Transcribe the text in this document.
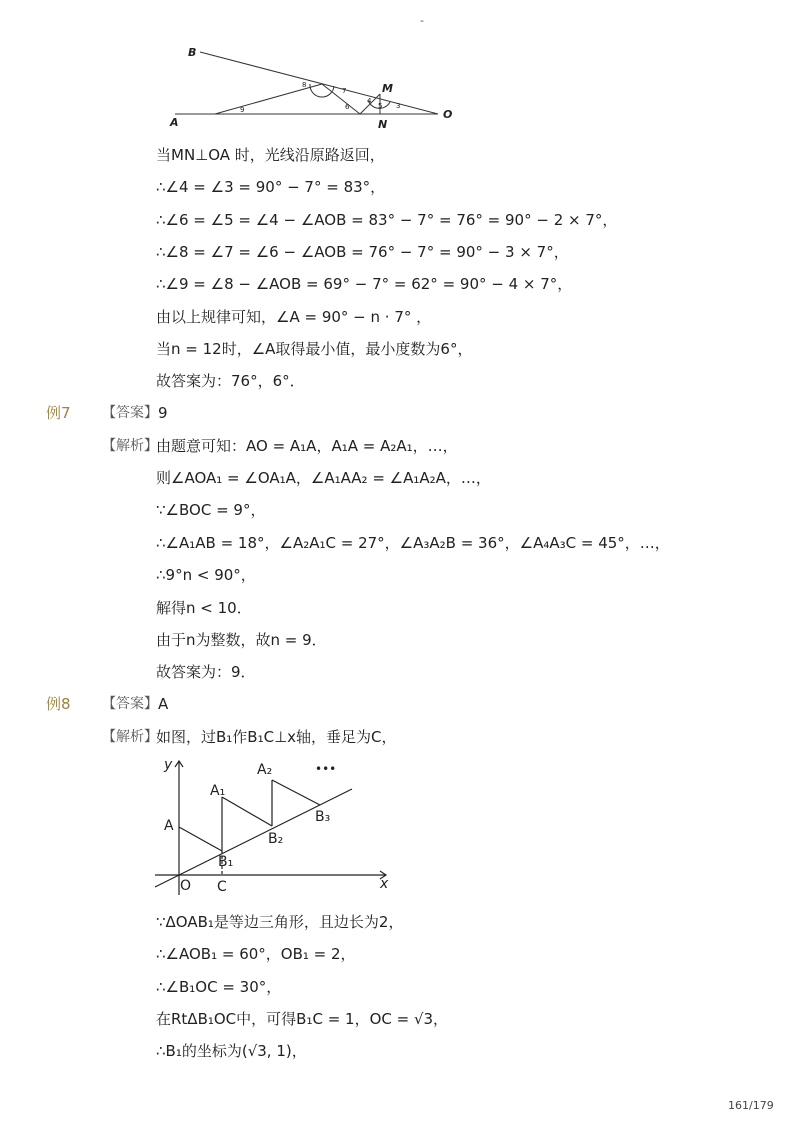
-
B
A
O
M
N
8
7
4
5
6	3
9
当MN⊥OA 时，光线沿原路返回，
∴∠4 = ∠3 = 90° − 7° = 83°，
∴∠6 = ∠5 = ∠4 − ∠AOB = 83° − 7° = 76° = 90° − 2 × 7°，
∴∠8 = ∠7 = ∠6 − ∠AOB = 76° − 7° = 90° − 3 × 7°，
∴∠9 = ∠8 − ∠AOB = 69° − 7° = 62° = 90° − 4 × 7°，
由以上规律可知，∠A = 90° − n · 7° ，
当n = 12时，∠A取得最小值，最小度数为6°，
故答案为：76°，6°．
例7 【答案】 9
【解析】
由题意可知：AO = A₁A，A₁A = A₂A₁，…，
则∠AOA₁ = ∠OA₁A，∠A₁AA₂ = ∠A₁A₂A，…，
∵∠BOC = 9°，
∴∠A₁AB = 18°，∠A₂A₁C = 27°，∠A₃A₂B = 36°，∠A₄A₃C = 45°，…，
∴9°n < 90°，
解得n < 10．
由于n为整数，故n = 9．
故答案为：9．
例8 【答案】 A
【解析】
如图，过B₁作B₁C⊥x轴，垂足为C，
y
x
O
A
A₁
A₂
B₁
B₂
B₃
C
•••
∵ΔOAB₁是等边三角形，且边长为2，
∴∠AOB₁ = 60°，OB₁ = 2，
∴∠B₁OC = 30°，
在RtΔB₁OC中，可得B₁C = 1，OC = √3，
∴B₁的坐标为(√3, 1)，
161/179
